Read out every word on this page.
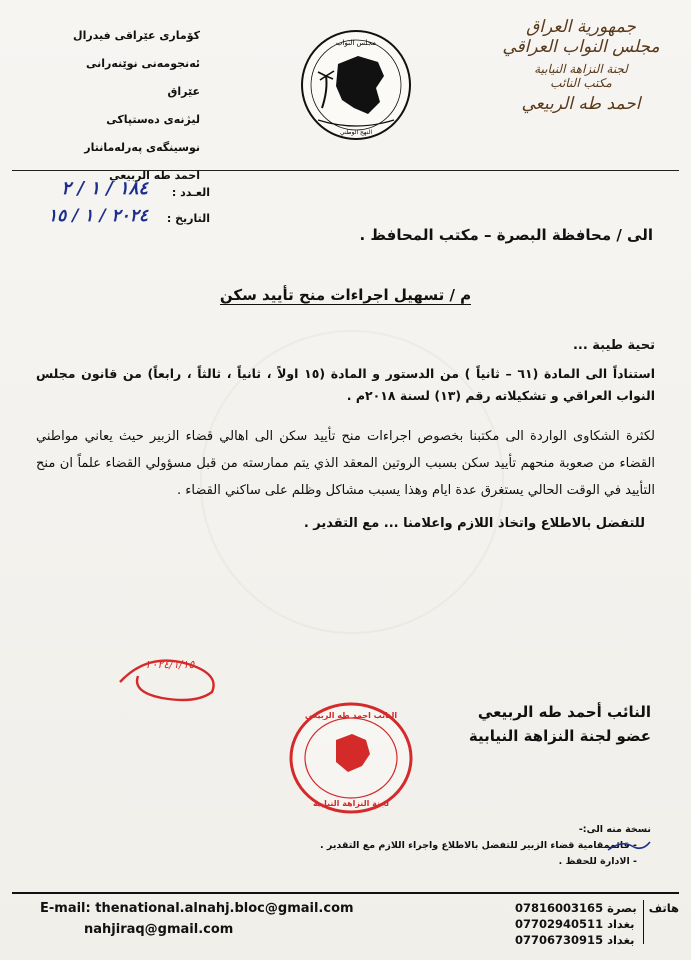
جمهورية العراق
مجلس النواب العراقي
لجنة النزاهة النيابية
مكتب النائب
احمد طه الربيعي
كۆماری عێراقی فیدرال
ئەنجومەنی نوێنەرانی عێراق
لیژنەی دەستپاکی
نوسینگەی پەرلەمانتار
احمد طه الربيعي
مجلس النواب
النهج الوطني
العـدد :
١٨٤ / ١ / ٢
التاريخ :
٢٠٢٤ / ١ / ١٥
الى / محافظة البصرة – مكتب المحافظ .
م / تسهيل اجراءات منح تأييد سكن

تحية طيبة ...

استناداً الى المادة (٦١ – ثانياً ) من الدستور و المادة (١٥ اولاً ، ثانياً ، ثالثاً ، رابعاً) من قانون مجلس النواب العراقي و تشكيلاته رقم (١٣) لسنة ٢٠١٨م .

لكثرة الشكاوى الواردة الى مكتبنا بخصوص اجراءات منح تأييد سكن الى اهالي قضاء الزبير حيث يعاني مواطني القضاء من صعوبة منحهم تأييد سكن بسبب الروتين المعقد الذي يتم ممارسته من قبل مسؤولي القضاء علماً ان منح التأييد في الوقت الحالي يستغرق عدة ايام وهذا يسبب مشاكل وظلم على ساكني القضاء .

للتفضل بالاطلاع واتخاذ اللازم واعلامنا ... مع التقدير .

٢٠٢٤/١/١٥
النائب أحمد طه الربيعي
عضو لجنة النزاهة النيابية
النائب احمد طه الربيعي
لجنة النزاهة النيابية
نسخة منه الى:-
- قائممقامية قضاء الزبير للتفضل بالاطلاع واجراء اللازم مع التقدير .
- الادارة للحفظ .
E-mail: thenational.alnahj.bloc@gmail.com
nahjiraq@gmail.com
07816003165 بصرة
07702940511 بغداد
07706730915 بغداد
هاتف
